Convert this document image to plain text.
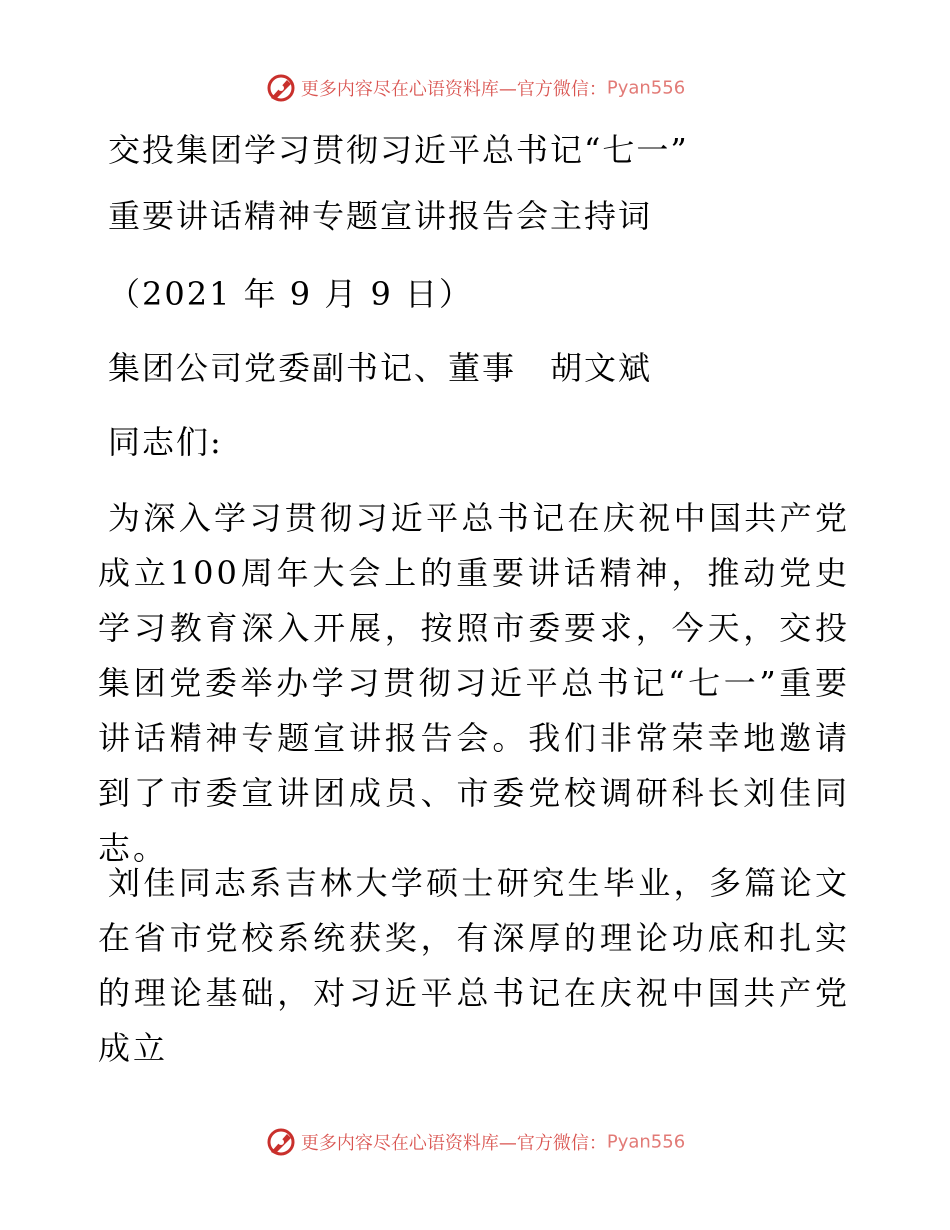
更多内容尽在心语资料库—官方微信：Pyan556
交投集团学习贯彻习近平总书记“七一”
重要讲话精神专题宣讲报告会主持词
（2021 年 9 月 9 日）
集团公司党委副书记、董事　胡文斌
同志们:
为深入学习贯彻习近平总书记在庆祝中国共产党成立100周年大会上的重要讲话精神，推动党史学习教育深入开展，按照市委要求，今天，交投集团党委举办学习贯彻习近平总书记“七一”重要讲话精神专题宣讲报告会。我们非常荣幸地邀请到了市委宣讲团成员、市委党校调研科长刘佳同志。
刘佳同志系吉林大学硕士研究生毕业，多篇论文在省市党校系统获奖，有深厚的理论功底和扎实的理论基础，对习近平总书记在庆祝中国共产党成立
更多内容尽在心语资料库—官方微信：Pyan556
